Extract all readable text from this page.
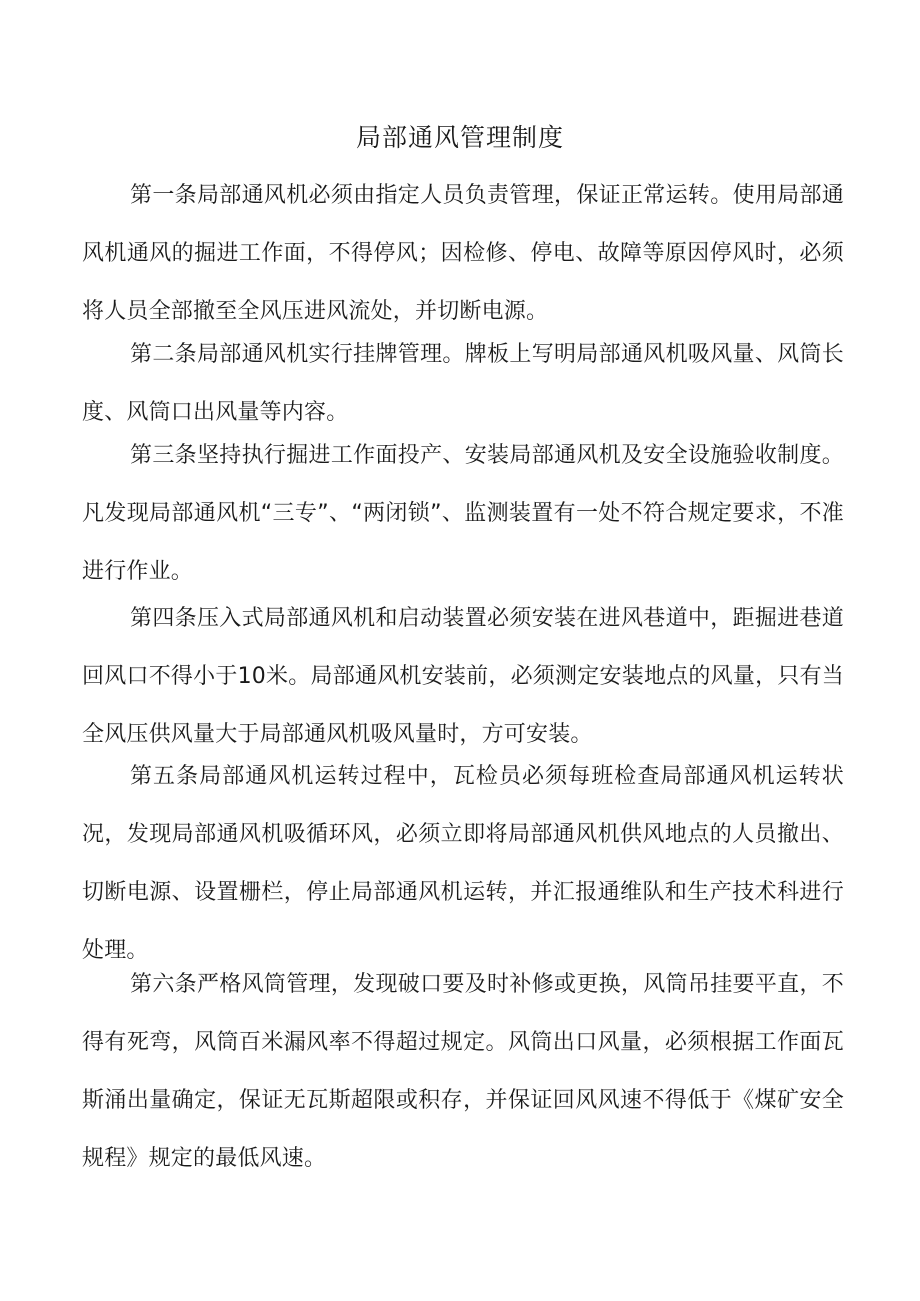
局部通风管理制度

第一条局部通风机必须由指定人员负责管理，保证正常运转。使用局部通风机通风的掘进工作面，不得停风；因检修、停电、故障等原因停风时，必须将人员全部撤至全风压进风流处，并切断电源。

第二条局部通风机实行挂牌管理。牌板上写明局部通风机吸风量、风筒长度、风筒口出风量等内容。

第三条坚持执行掘进工作面投产、安装局部通风机及安全设施验收制度。凡发现局部通风机“三专”、“两闭锁”、监测装置有一处不符合规定要求，不准进行作业。

第四条压入式局部通风机和启动装置必须安装在进风巷道中，距掘进巷道回风口不得小于10米。局部通风机安装前，必须测定安装地点的风量，只有当全风压供风量大于局部通风机吸风量时，方可安装。

第五条局部通风机运转过程中，瓦检员必须每班检查局部通风机运转状况，发现局部通风机吸循环风，必须立即将局部通风机供风地点的人员撤出、切断电源、设置栅栏，停止局部通风机运转，并汇报通维队和生产技术科进行处理。

第六条严格风筒管理，发现破口要及时补修或更换，风筒吊挂要平直，不得有死弯，风筒百米漏风率不得超过规定。风筒出口风量，必须根据工作面瓦斯涌出量确定，保证无瓦斯超限或积存，并保证回风风速不得低于《煤矿安全规程》规定的最低风速。
